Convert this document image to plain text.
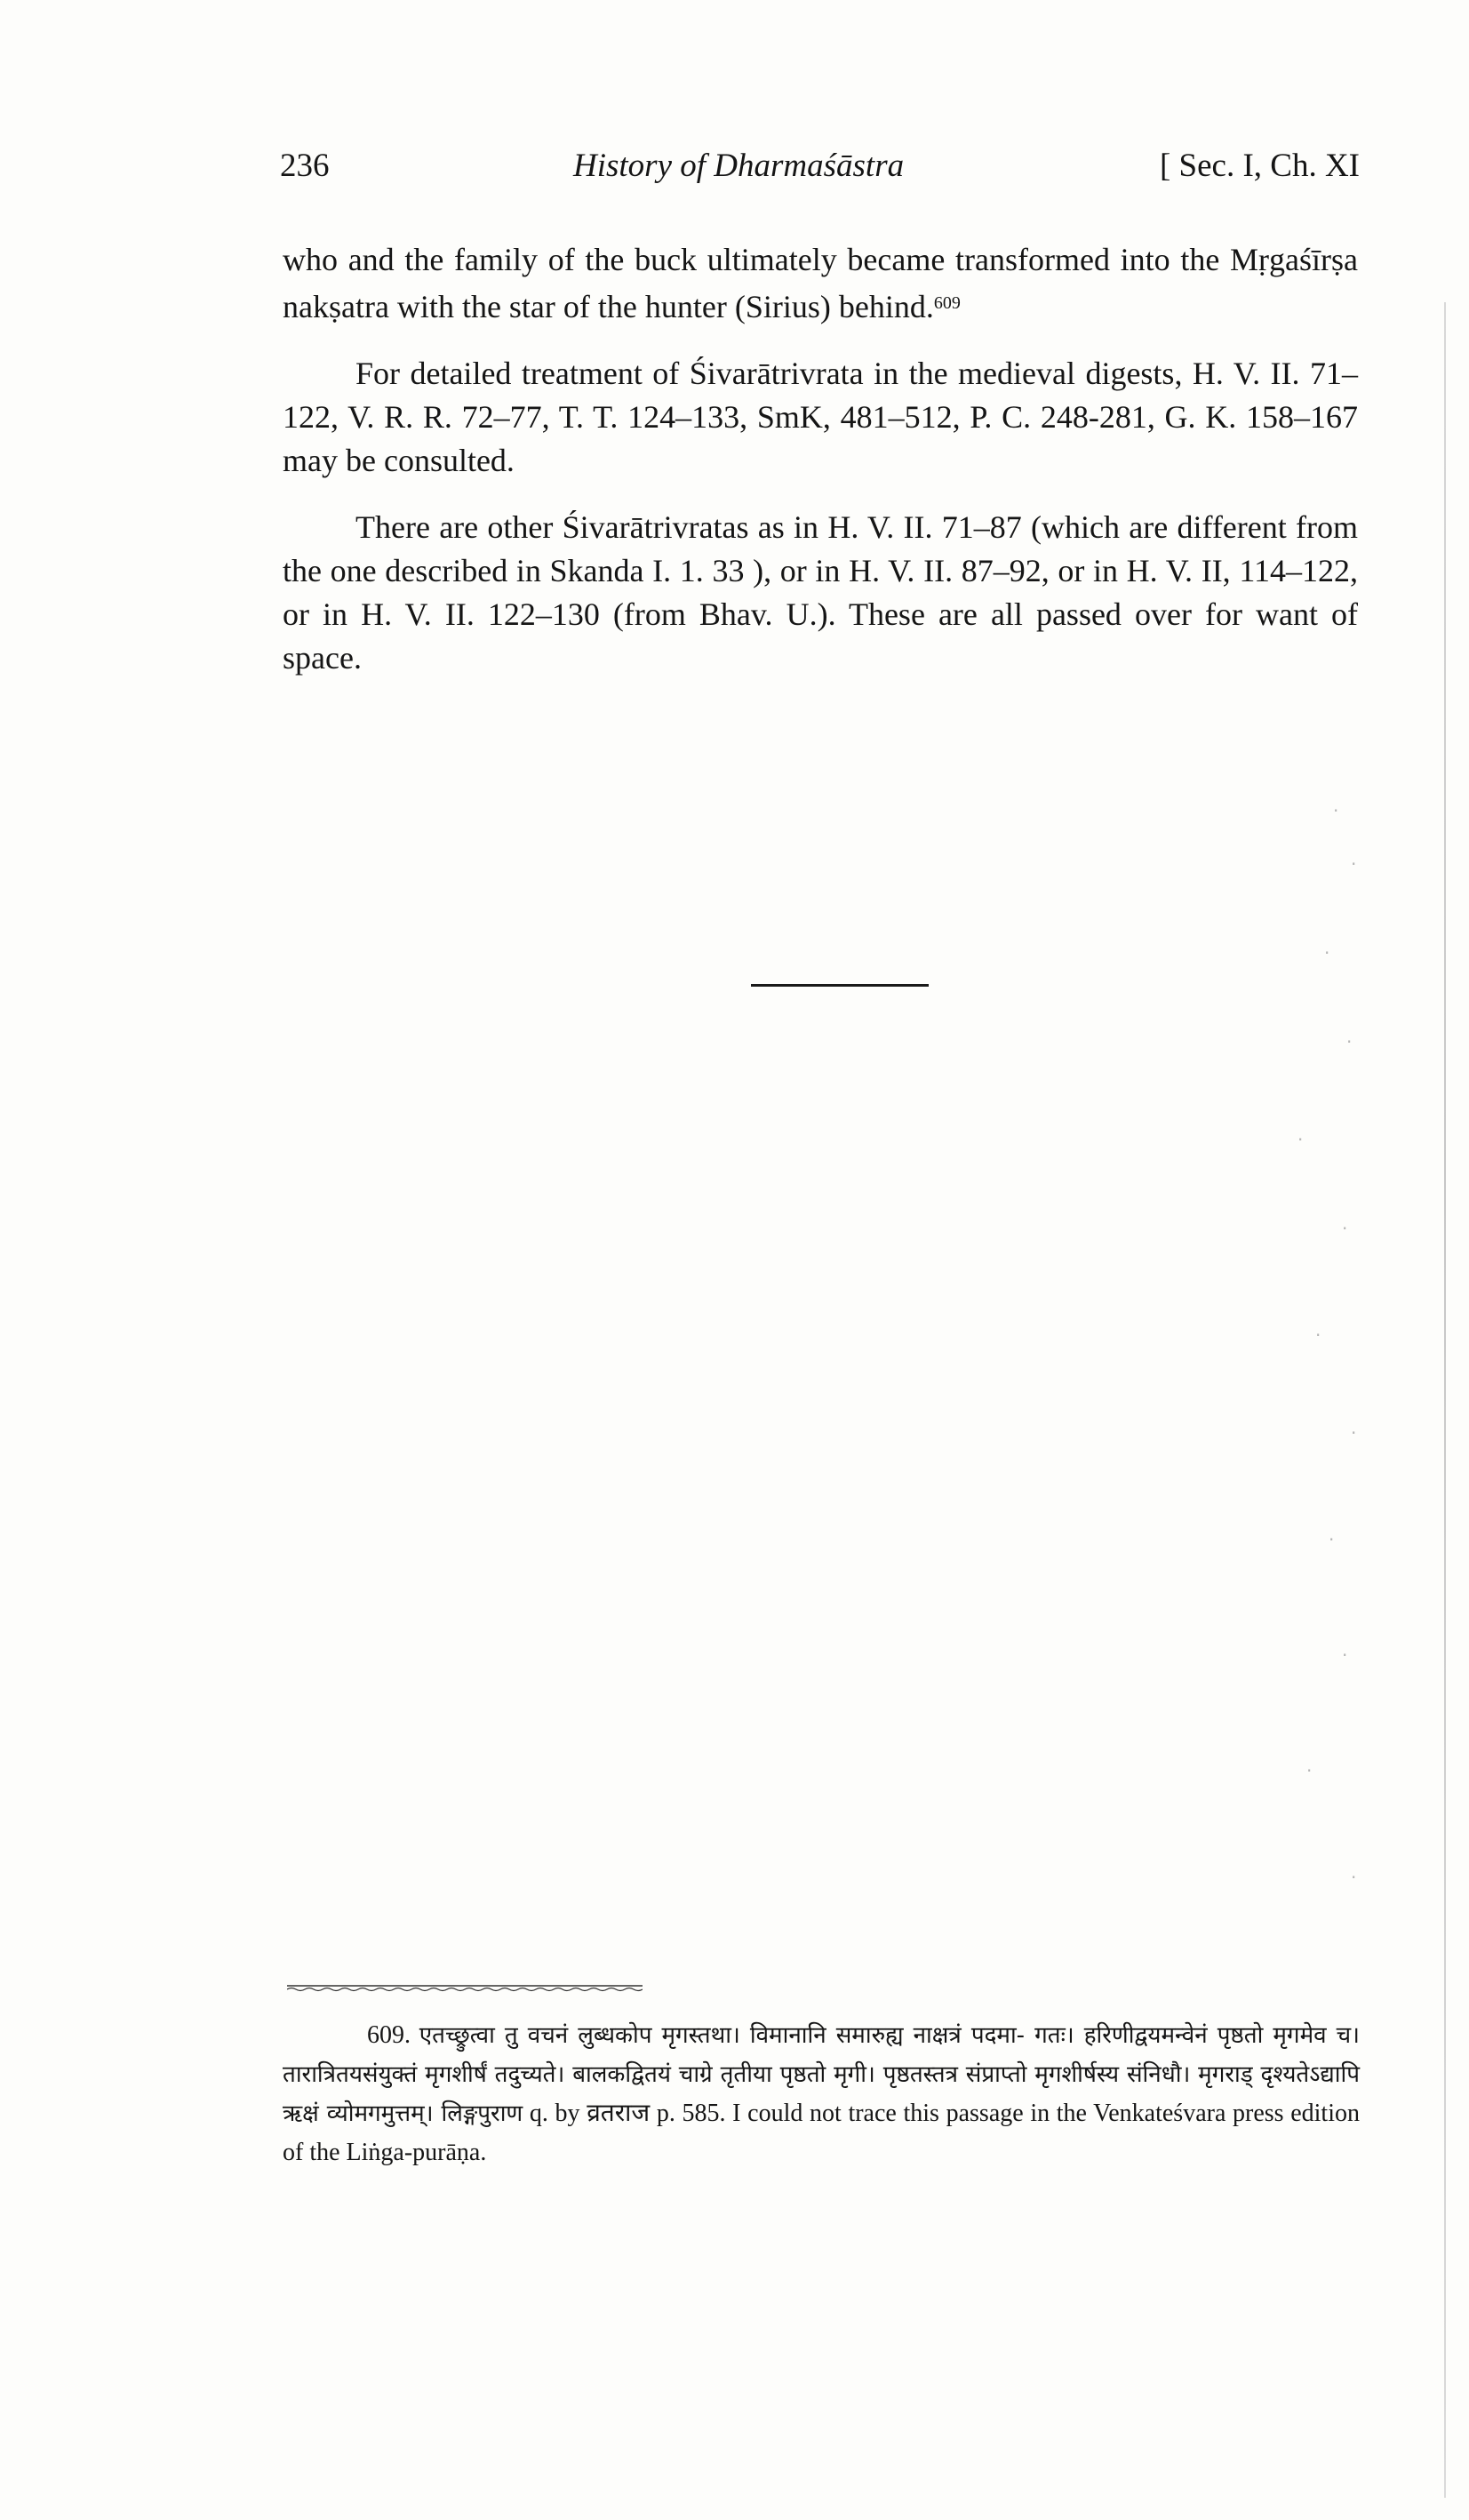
236	History of Dharmaśāstra	[ Sec. I, Ch. XI

who and the family of the buck ultimately became transformed into the Mṛgaśīrṣa nakṣatra with the star of the hunter (Sirius) behind.$^{609}$

For detailed treatment of Śivarātrivrata in the medieval digests, H. V. II. 71–122, V. R. R. 72–77, T. T. 124–133, SmK, 481–512, P. C. 248-281, G. K. 158–167 may be consulted.

There are other Śivarātrivratas as in H. V. II. 71–87 (which are different from the one described in Skanda I. 1. 33 ), or in H. V. II. 87–92, or in H. V. II, 114–122, or in H. V. II. 122–130 (from Bhav. U.). These are all passed over for want of space.

609. एतच्छ्रुत्वा तु वचनं लुब्धकोप मृगस्तथा। विमानानि समारुह्य नाक्षत्रं पदमा- गतः। हरिणीद्वयमन्वेनं पृष्ठतो मृगमेव च। तारात्रितयसंयुक्तं मृगशीर्षं तदुच्यते। बालकद्वितयं चाग्रे तृतीया पृष्ठतो मृगी। पृष्ठतस्तत्र संप्राप्तो मृगशीर्षस्य संनिधौ। मृगराड् दृश्यतेऽद्यापि ऋक्षं व्योमगमुत्तम्। लिङ्गपुराण q. by व्रतराज p. 585. I could not trace this passage in the Venkateśvara press edition of the Liṅga-purāṇa.

·
·
·
·
·
·
·
·
·
·
·
·
